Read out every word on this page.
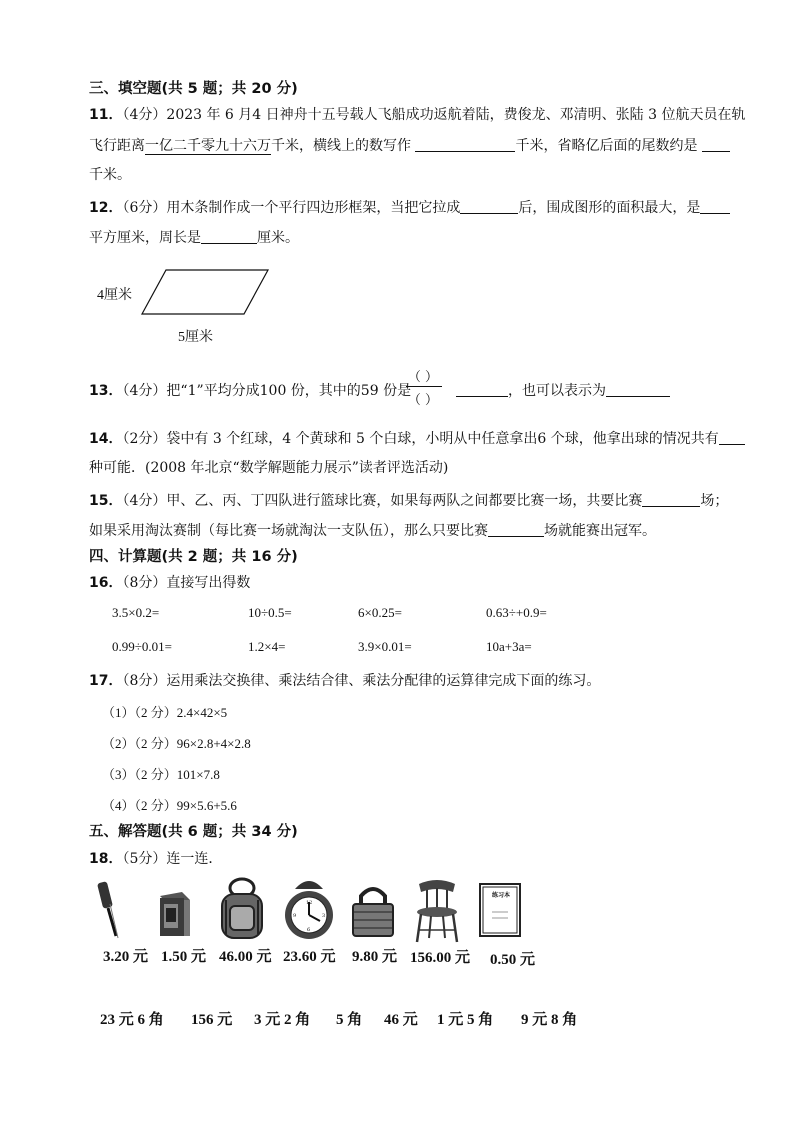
三、填空题(共 5 题；共 20 分)
11．（4分）2023 年 6 月4 日神舟十五号载人飞船成功返航着陆，费俊龙、邓清明、张陆 3 位航天员在轨
飞行距离一亿二千零九十六万千米，横线上的数写作	千米，省略亿后面的尾数约是
千米。
12．（6分）用木条制作成一个平行四边形框架，当把它拉成	后，围成图形的面积最大，是
平方厘米，周长是	厘米。
4厘米
5厘米
13．（4分）把“1”平均分成100 份，其中的59 份是
（ ）
（ ）
，也可以表示为
14．（2分）袋中有 3 个红球，4 个黄球和 5 个白球，小明从中任意拿出6 个球，他拿出球的情况共有
种可能．(2008 年北京“数学解题能力展示”读者评选活动)
15．（4分）甲、乙、丙、丁四队进行篮球比赛，如果每两队之间都要比赛一场，共要比赛	场；
如果采用淘汰赛制（每比赛一场就淘汰一支队伍），那么只要比赛	场就能赛出冠军。
四、计算题(共 2 题；共 16 分)
16．（8分）直接写出得数
3.5×0.2=	10÷0.5=	6×0.25=	0.63÷+0.9=
0.99÷0.01=	1.2×4=	3.9×0.01=	10a+3a=
17．（8分）运用乘法交换律、乘法结合律、乘法分配律的运算律完成下面的练习。
（1）（2 分）2.4×42×5
（2）（2 分）96×2.8+4×2.8
（3）（2 分）101×7.8
（4）（2 分）99×5.6+5.6
五、解答题(共 6 题；共 34 分)
18．（5分）连一连．
12
3
6
9
练习本
3.20 元 1.50 元 46.00 元 23.60 元 9.80 元 156.00 元 0.50 元
23 元 6 角 156 元 3 元 2 角 5 角 46 元 1 元 5 角 9 元 8 角
